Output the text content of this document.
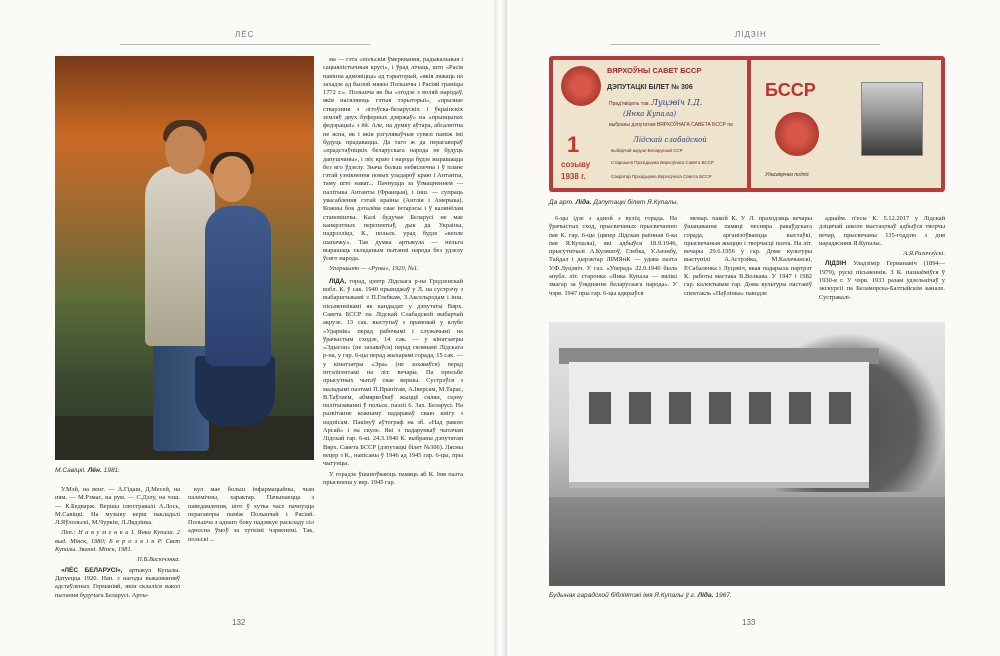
ЛЁС
М.Савіцкі. Лён. 1981.

У.Мэй, на венг. — А.Гідаш, Д.Месей, на ням. — М.Рэмас, на рум. — С.Дэлу, на чэш. — К.Бедварж. Вершы ілюстравалі А.Лось, М.Савіцкі. На музыку верш пакладалі Л.Яўлольскі, М.Чуркін, Л.Лядзінка.

Літ.: Н а в у м е н к а І. Янка Купала. 2 выд. Мінск, 1980; Б я р о з к і н Р. Свет Купалы. Звенні. Мінск, 1981.

П.В.Васючэнка.

«ЛЁС БЕЛАРУСІ», артыкул Купалы. Датуецца 1920. Нап. з нагоды выказванняў адстаўленых Германіяй, якія склаліся вакол пытання будучага Беларусі. Арты-

кул мае больш інфармацыйны, чым палемічны, характар. Пачынаецца з паведамлення, што ў хутка часе пачнуцца перагаворы паміж Польшчай і Расіяй. Польшча з аднаго боку падзякуе раскладу сіл адносна ўмоў за хуткімі чэрвенемі. Так, польскі ...

ма — гэта «польскія ўмерквання, радыкальныя і сацыялістычныя кругі», і ўрад лічаць, што «Расія павінна адмовіцца» ад тэрыторый, «якія ляжаць на захадзе ад былой мяжы Польшчы і Расіяй граніцы 1772 г.». Польшча як бы «згодзе з воляй народаў, якія насяляюць гэтыя тэрыторыі», «прызнае стварэння з літоўска-беларускіх і ўкраінскіх земляў двух буферных дзяржаў» на «прынцыпах федэрацыі» з ёй. Але, на думку аўтара, абсалютна не ясна, як і якія рэгуляваўчыя сувязі паміж імі будуць прадавацца. Да таго ж да перагавораў «прадстаўніцкіх беларускага народа не будуць дапушчаны», і лёс краю і народа будзе вырашацца без яго ўдзелу. Знача больш небяспечна і ў плане гэтай узнікнення новых уладароў краю і Антанты, таму што нават... Пачнуцца за ўзмацненнем — палітыка Антанты (Францыя), і інш. — супраць увасаблення гэтай краіны (Англія і Амерыка). Кожны бок дэталёва свае інтарэсы і ў калянёлам становішчы. Калі будучае Беларусі не мае канкрэтных перспектыў, дык да Украіны, падрэзліцэ, К., польск. урад будзе «кепле шапачку». Тая думка артыкула — нельга вырашаць складаным пытанні народа без удзелу ўсяго народа.

Упершыню — «Руны», 1920, №1.

ЛІДА, горад, цэнтр Лідскага р-на Гродзенскай вобл. К. ў сак. 1940 прыязджаў у Л. на сустрэчу з выбаршчыкамі з П.Глебкам, З.Аксельродам і інш. пісьменнікамі як кандыдат у дэпутаты Вярх. Савета БССР па Лідскай Слабадской выбарчай акрузе. 13 сак. выступаў з прамовай у клубе «Ударнік» перад рабочымі і служачымі на ўрачыстым сходзе, 14 сак. — у кінатэатры «Эдысон» (не захаваўся) перад сялянамі Лідскага р-на, у гар. 6-цы перад жыхарамі горада, 15 сак. — у кінатэатры «Эра» (не захаваўся) перад інтэлігентамі на літ. вечары. Па просьбе прысутных чытаў свае вершы. Сустрэўся з маладымі паэтамі П.Пранітам, А.Іверсам, М.Тарас, В.Таўлаем, абмяркоўваў жыццё сялян, сцэну палітызаванні ў польск. паэзіі 6. Зах. Беларусі. На развітанне кожнаму падараваў сваю кнігу з надпісам. Пакінуў аўтограф на зб. «Над ракою Арсай» і на скуле. Які з падарункаў чытачам Лідскай гар. 6-кі. 24.3.1940 К. выбраны дэпутатам Вярх. Савета БССР (дэпутацкі білет №306). Лясны вецер з К., напісаны ў 1946 ад 1945 гар. 6-цы, пры чыгунцы.

У горадзе ўшаноўваюць памяць аб К. Імя паэта прысвоена у вер. 1945 гар.

132
ЛІДЗІН
ВЯРХОЎНЫ САВЕТ БССР
ДЭПУТАЦКІ БІЛЕТ № 306
Прад'явіцель тав. Луцэвіч І.Д.
(Янка Купала)
выбраны дэпутатам ВЯРХОЎНАГА САВЕТА БССР па
Лідскай слабадской
выбарчай акрузе Беларускай ССР
Старшыня Прэзідыума Вярхоўнага Савета БССР
Сакратар Прэзідыума Вярхоўнага Савета БССР
1
созыву
1938 г.
БССР
Удасвярчаю подпіс
Да арт. Ліда. Дэпутацкі білет Я.Купалы.

6-цы ідзе з адной з вуліц горада. На ўрачыстых сход, прысвечаных прысвечанню імя К. гар. 6-цы (цяпер Лідская раённая 6-ка імя Я.Купалы), які адбыўся 18.9.1946, прысутнічалі А.Куляшоў, Глебка, У.Анэнбу, Тайдал і дырэктар ЛІМЯнК — удава паэта У.Ф.Луцэвіч. У газ. «Уперад» 22.9.1946 была апубл. літ. старонка «Янка Купала — вялікі змагар за ўзяднанне беларускага народа». У чэрв. 1947 пры гар. 6-цы адкрыўся

мемар. пакой К. У Л. праходзяць вечары ўшанавання памяці песняра ракаўдскага горада, арганізоўваецца выстаўкі, прысвечаныя жыццю і творчасці паэта. На літ. вечары 29.6.1956 у гар. Доме культуры выступілі А.Астрэйка, М.Калачынскі, Р.Сабаленка і Луцэвіч, якая падарыла партрэт К. работы мастака В.Волкава. У 1947 і 1982 гар. калектывам гар. Дома культуры паставіў спектакль «Паўлінка» паводле

аднайм. п'есы К. 5.12.2017 у Лідскай дзіцячай школе мастацтваў адбыўся творчы вечар, прысвечаны 135-годдзю з дня нараджэння Я.Купалы.

А.Я.Рагачэўскі.

ЛІДЗІН Уладзімір Германавіч (1894—1979), рускі пісьменнік. З К. пазнаёміўся ў 1930-я г. У чэрв. 1933 разам удзельнічаў у экскурсіі па Беламорска-Балтыйскім канале. Сустракалі-

Будынак гарадской бібліятэкі імя Я.Купалы ў г. Ліда. 1967.
133
